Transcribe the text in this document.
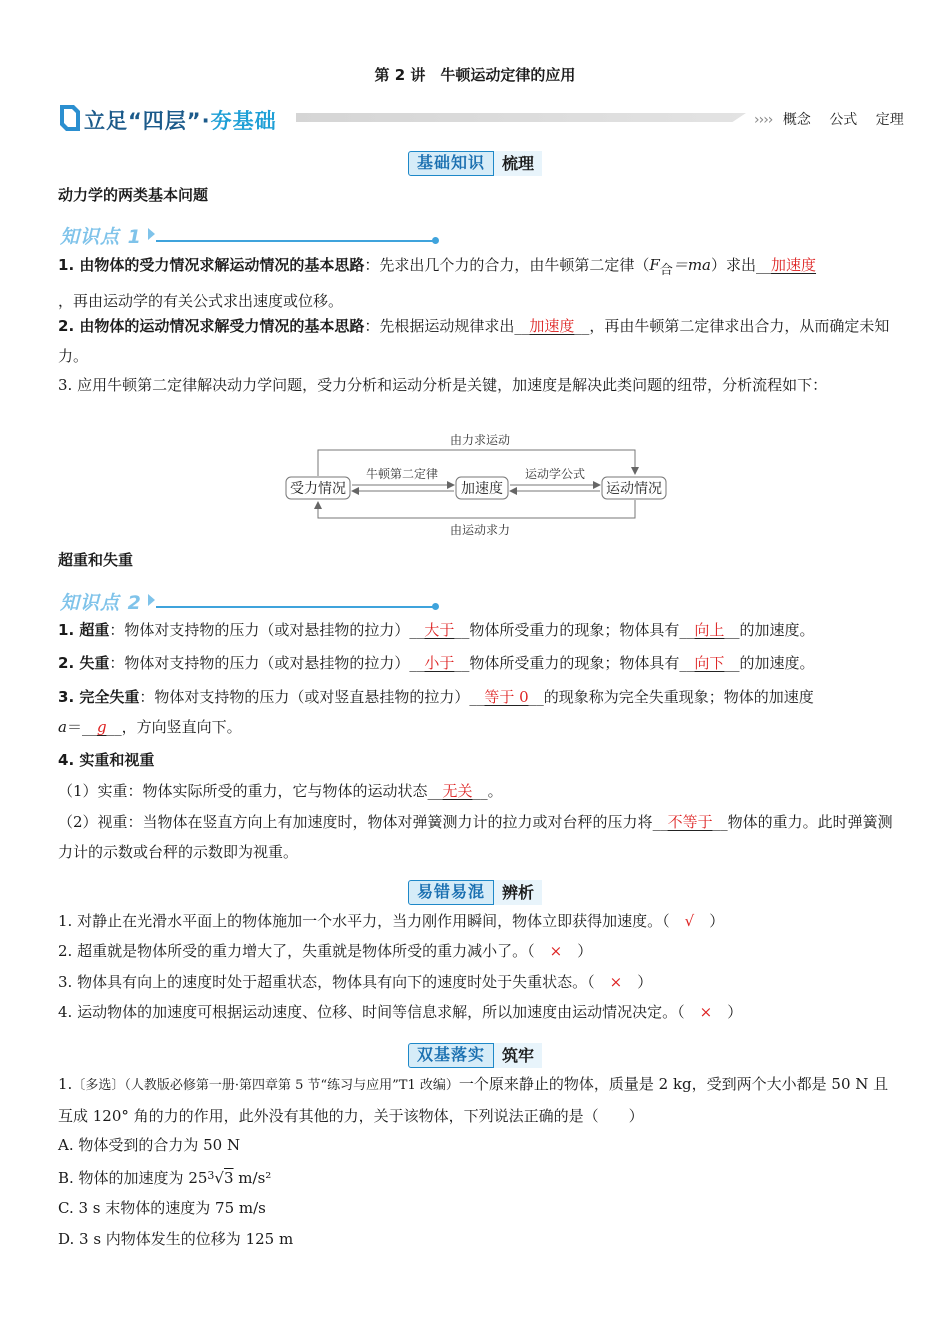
第 2 讲　牛顿运动定律的应用
立足“四层”·夯基础	›››› 概念 公式 定理
基础知识	梳理
动力学的两类基本问题
知识点 1
1. 由物体的受力情况求解运动情况的基本思路：先求出几个力的合力，由牛顿第二定律$(F_合=ma)$求出__加速度
，再由运动学的有关公式求出速度或位移。
2. 由物体的运动情况求解受力情况的基本思路：先根据运动规律求出__加速度__，再由牛顿第二定律求出合力，从而确定未知力。
3. 应用牛顿第二定律解决动力学问题，受力分析和运动分析是关键，加速度是解决此类问题的纽带，分析流程如下：
由力求运动
由运动求力
受力情况	加速度	运动情况
牛顿第二定律	运动学公式
超重和失重
知识点 2
1. 超重：物体对支持物的压力（或对悬挂物的拉力）__大于__物体所受重力的现象；物体具有__向上__的加速度。
2. 失重：物体对支持物的压力（或对悬挂物的拉力）__小于__物体所受重力的现象；物体具有__向下__的加速度。
3. 完全失重：物体对支持物的压力（或对竖直悬挂物的拉力）__等于 0__的现象称为完全失重现象；物体的加速度
a＝__g__，方向竖直向下。
4. 实重和视重
（1）实重：物体实际所受的重力，它与物体的运动状态__无关__。
（2）视重：当物体在竖直方向上有加速度时，物体对弹簧测力计的拉力或对台秤的压力将__不等于__物体的重力。此时弹簧测力计的示数或台秤的示数即为视重。
易错易混	辨析
1. 对静止在光滑水平面上的物体施加一个水平力，当力刚作用瞬间，物体立即获得加速度。（　 √　 ）
2. 超重就是物体所受的重力增大了，失重就是物体所受的重力减小了。（　 ×　 ）
3. 物体具有向上的速度时处于超重状态，物体具有向下的速度时处于失重状态。（　 ×　 ）
4. 运动物体的加速度可根据运动速度、位移、时间等信息求解，所以加速度由运动情况决定。（　 ×　 ）
双基落实	筑牢
1.〔多选〕（人教版必修第一册·第四章第 5 节“练习与应用”T1 改编）一个原来静止的物体，质量是 2 kg，受到两个大小都是 50 N 且互成 120° 角的力的作用，此外没有其他的力，关于该物体，下列说法正确的是（　　）
A. 物体受到的合力为 50 N
B. 物体的加速度为 $25^3√3$ m/s²
C. 3 s 末物体的速度为 75 m/s
D. 3 s 内物体发生的位移为 125 m
